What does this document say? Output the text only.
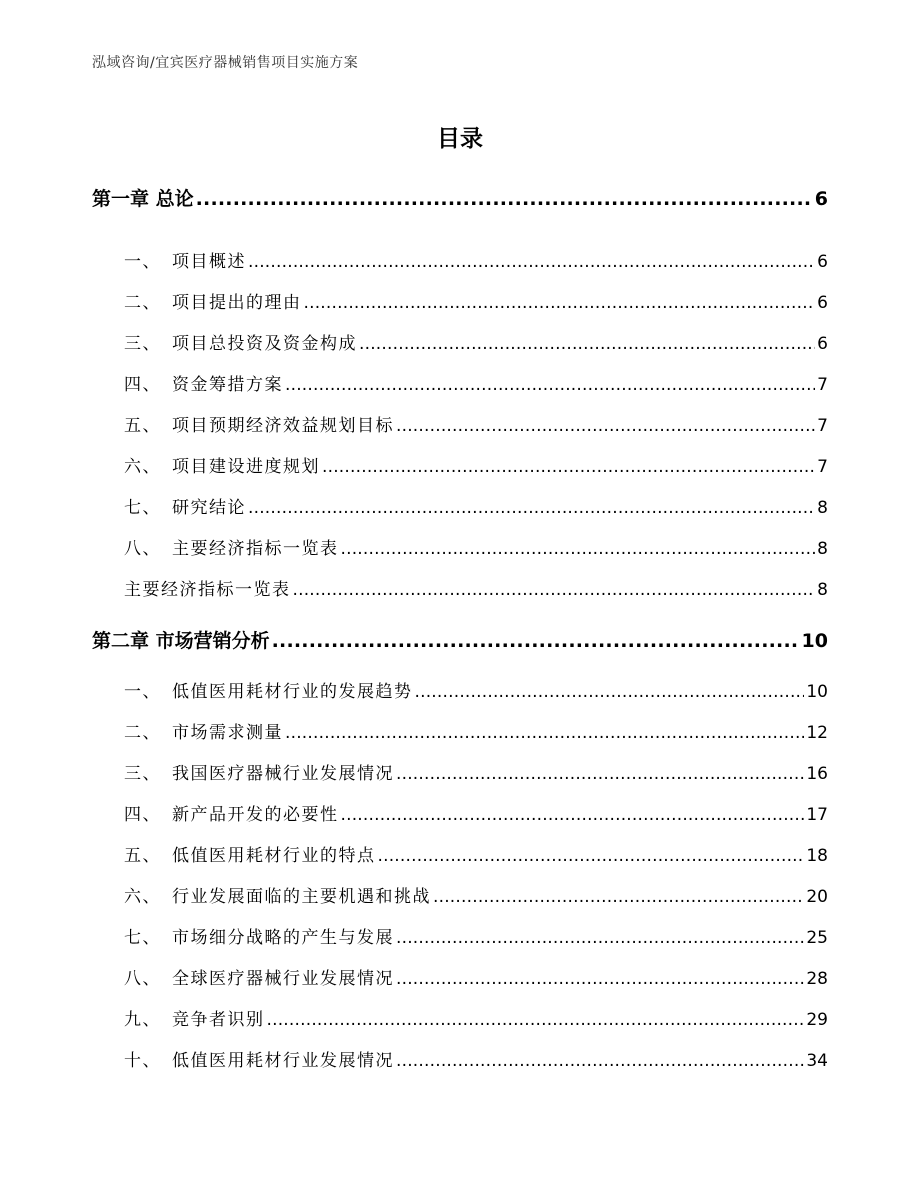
泓域咨询/宜宾医疗器械销售项目实施方案
目录
第一章 总论 .....	6
一、 项目概述 .....	6
二、 项目提出的理由 .....	6
三、 项目总投资及资金构成 .....	6
四、 资金筹措方案 .....	7
五、 项目预期经济效益规划目标 .....	7
六、 项目建设进度规划 .....	7
七、 研究结论 .....	8
八、 主要经济指标一览表 .....	8
主要经济指标一览表 .....	8
第二章 市场营销分析 .....	10
一、 低值医用耗材行业的发展趋势 .....	10
二、 市场需求测量 .....	12
三、 我国医疗器械行业发展情况 .....	16
四、 新产品开发的必要性 .....	17
五、 低值医用耗材行业的特点 .....	18
六、 行业发展面临的主要机遇和挑战 .....	20
七、 市场细分战略的产生与发展 .....	25
八、 全球医疗器械行业发展情况 .....	28
九、 竞争者识别 .....	29
十、 低值医用耗材行业发展情况 .....	34
